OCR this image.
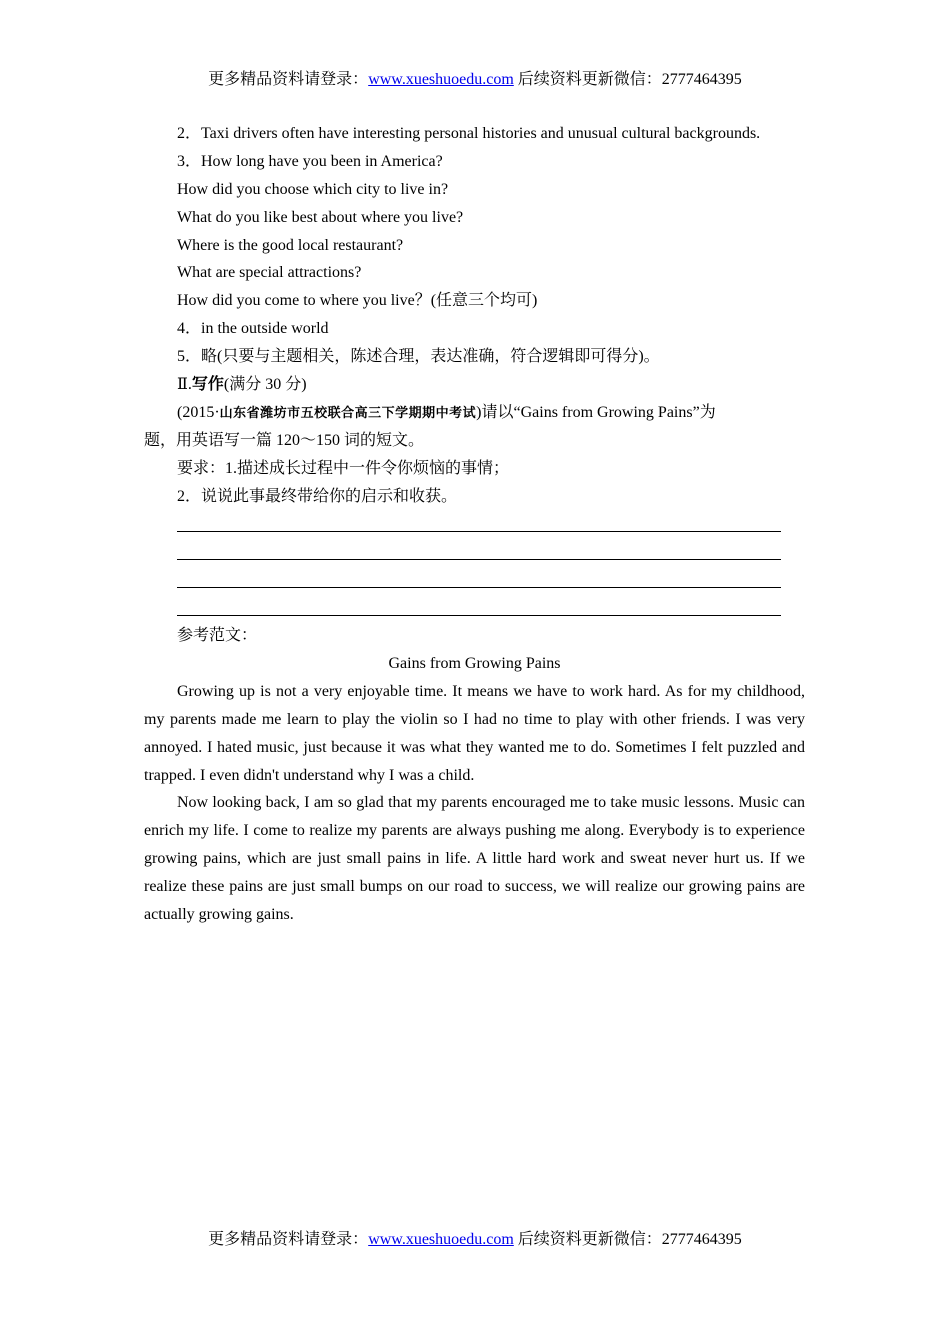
更多精品资料请登录：www.xueshuoedu.com 后续资料更新微信：2777464395
2．Taxi drivers often have interesting personal histories and unusual cultural backgrounds.
3．How long have you been in America?
How did you choose which city to live in?
What do you like best about where you live?
Where is the good local restaurant?
What are special attractions?
How did you come to where you live？(任意三个均可)
4．in the outside world
5．略(只要与主题相关，陈述合理，表达准确，符合逻辑即可得分)。
Ⅱ.写作(满分 30 分)
(2015·山东省潍坊市五校联合高三下学期期中考试)请以“Gains from Growing Pains”为
题，用英语写一篇 120～150 词的短文。
要求：1.描述成长过程中一件令你烦恼的事情；
2．说说此事最终带给你的启示和收获。
参考范文：
Gains from Growing Pains

Growing up is not a very enjoyable time. It means we have to work hard. As for my childhood, my parents made me learn to play the violin so I had no time to play with other friends. I was very annoyed. I hated music, just because it was what they wanted me to do. Sometimes I felt puzzled and trapped. I even didn't understand why I was a child.

Now looking back, I am so glad that my parents encouraged me to take music lessons. Music can enrich my life. I come to realize my parents are always pushing me along. Everybody is to experience growing pains, which are just small pains in life. A little hard work and sweat never hurt us. If we realize these pains are just small bumps on our road to success, we will realize our growing pains are actually growing gains.

更多精品资料请登录：www.xueshuoedu.com 后续资料更新微信：2777464395
